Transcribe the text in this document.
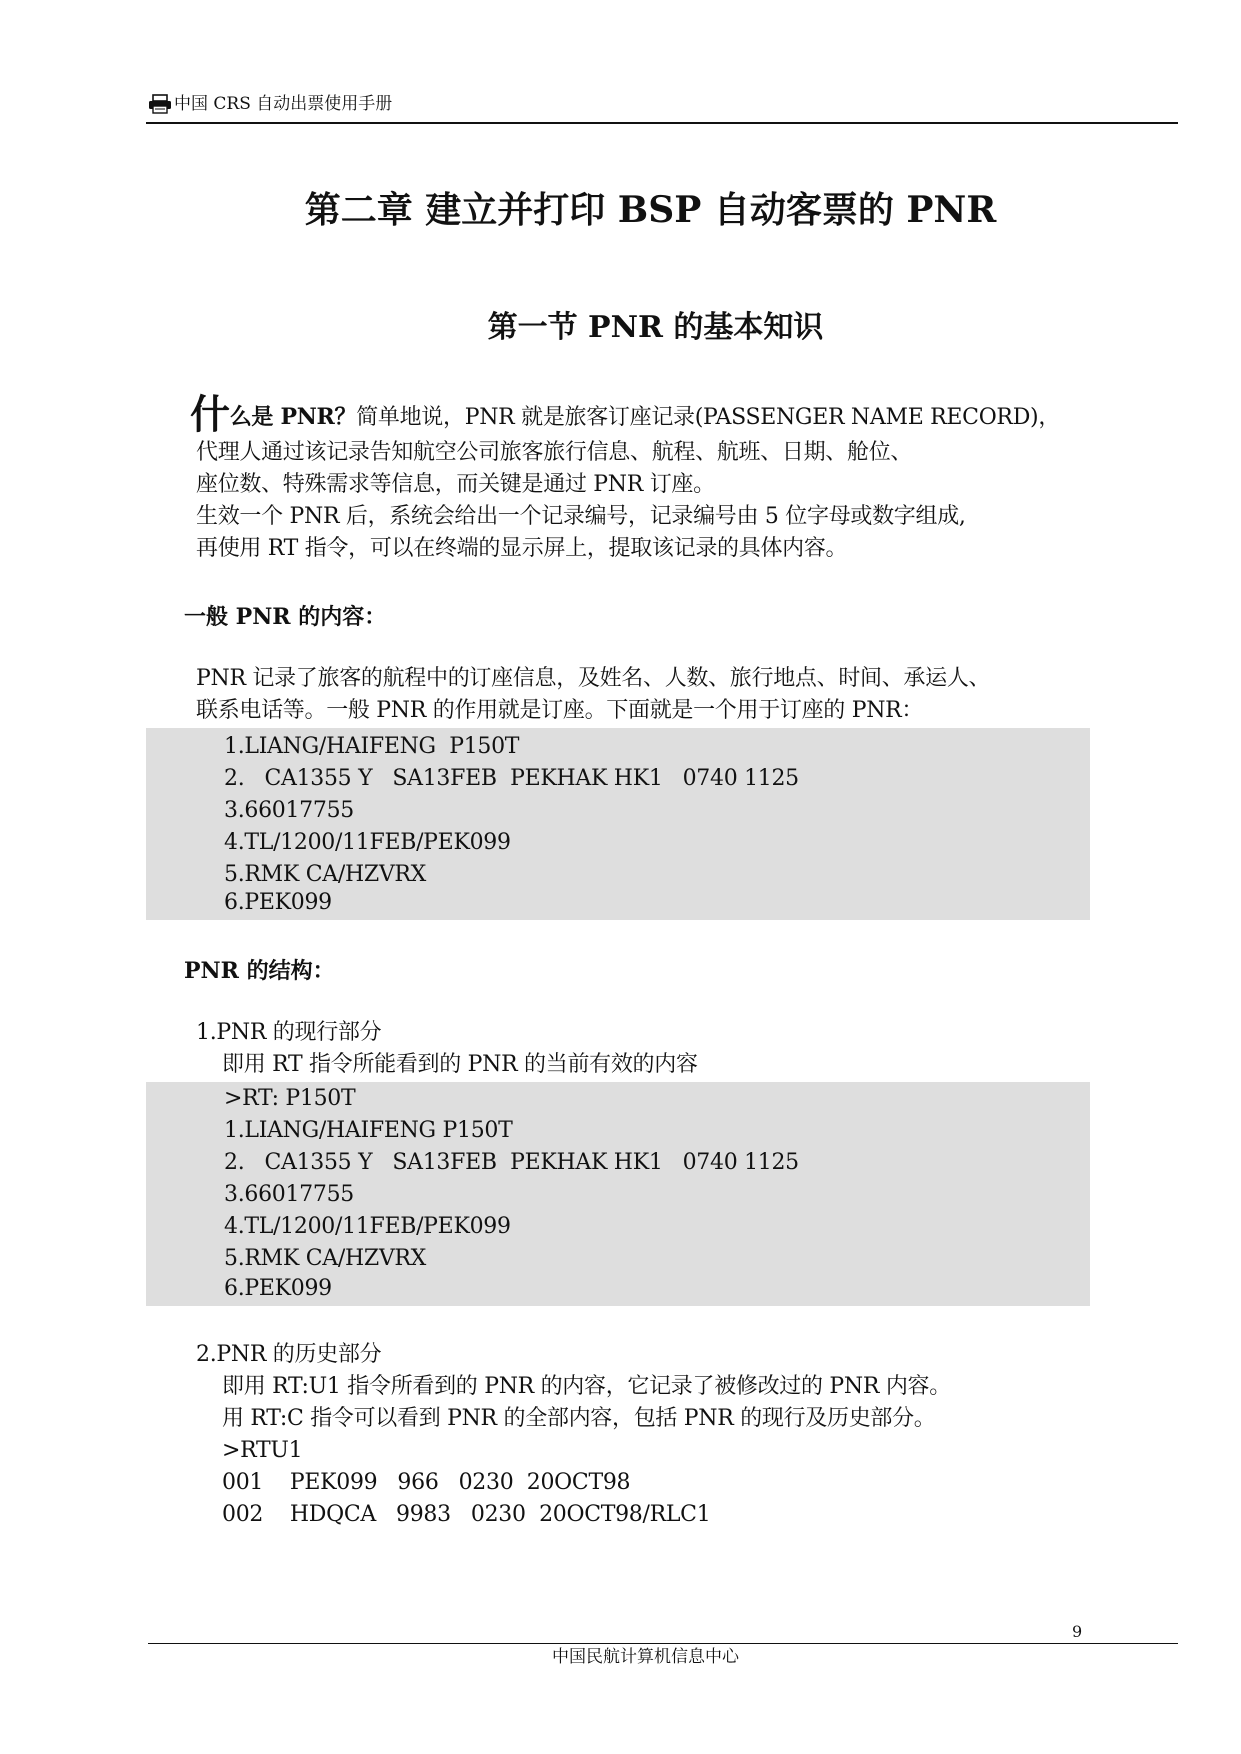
中国 CRS 自动出票使用手册
第二章 建立并打印 BSP 自动客票的 PNR
第一节 PNR 的基本知识
什么是 PNR？简单地说，PNR 就是旅客订座记录(PASSENGER NAME RECORD)，
代理人通过该记录告知航空公司旅客旅行信息、航程、航班、日期、舱位、
座位数、特殊需求等信息，而关键是通过 PNR 订座。
生效一个 PNR 后，系统会给出一个记录编号，记录编号由 5 位字母或数字组成,
再使用 RT 指令，可以在终端的显示屏上，提取该记录的具体内容。
一般 PNR 的内容：
PNR 记录了旅客的航程中的订座信息，及姓名、人数、旅行地点、时间、承运人、
联系电话等。一般 PNR 的作用就是订座。下面就是一个用于订座的 PNR：
1.LIANG/HAIFENG  P150T
2.   CA1355 Y   SA13FEB  PEKHAK HK1   0740 1125
3.66017755
4.TL/1200/11FEB/PEK099
5.RMK CA/HZVRX
6.PEK099
PNR 的结构：
1.PNR 的现行部分
即用 RT 指令所能看到的 PNR 的当前有效的内容
>RT: P150T
1.LIANG/HAIFENG P150T
2.   CA1355 Y   SA13FEB  PEKHAK HK1   0740 1125
3.66017755
4.TL/1200/11FEB/PEK099
5.RMK CA/HZVRX
6.PEK099
2.PNR 的历史部分
即用 RT:U1 指令所看到的 PNR 的内容，它记录了被修改过的 PNR 内容。
用 RT:C 指令可以看到 PNR 的全部内容，包括 PNR 的现行及历史部分。
>RTU1
001    PEK099   966   0230  20OCT98
002    HDQCA   9983   0230  20OCT98/RLC1
9
中国民航计算机信息中心
